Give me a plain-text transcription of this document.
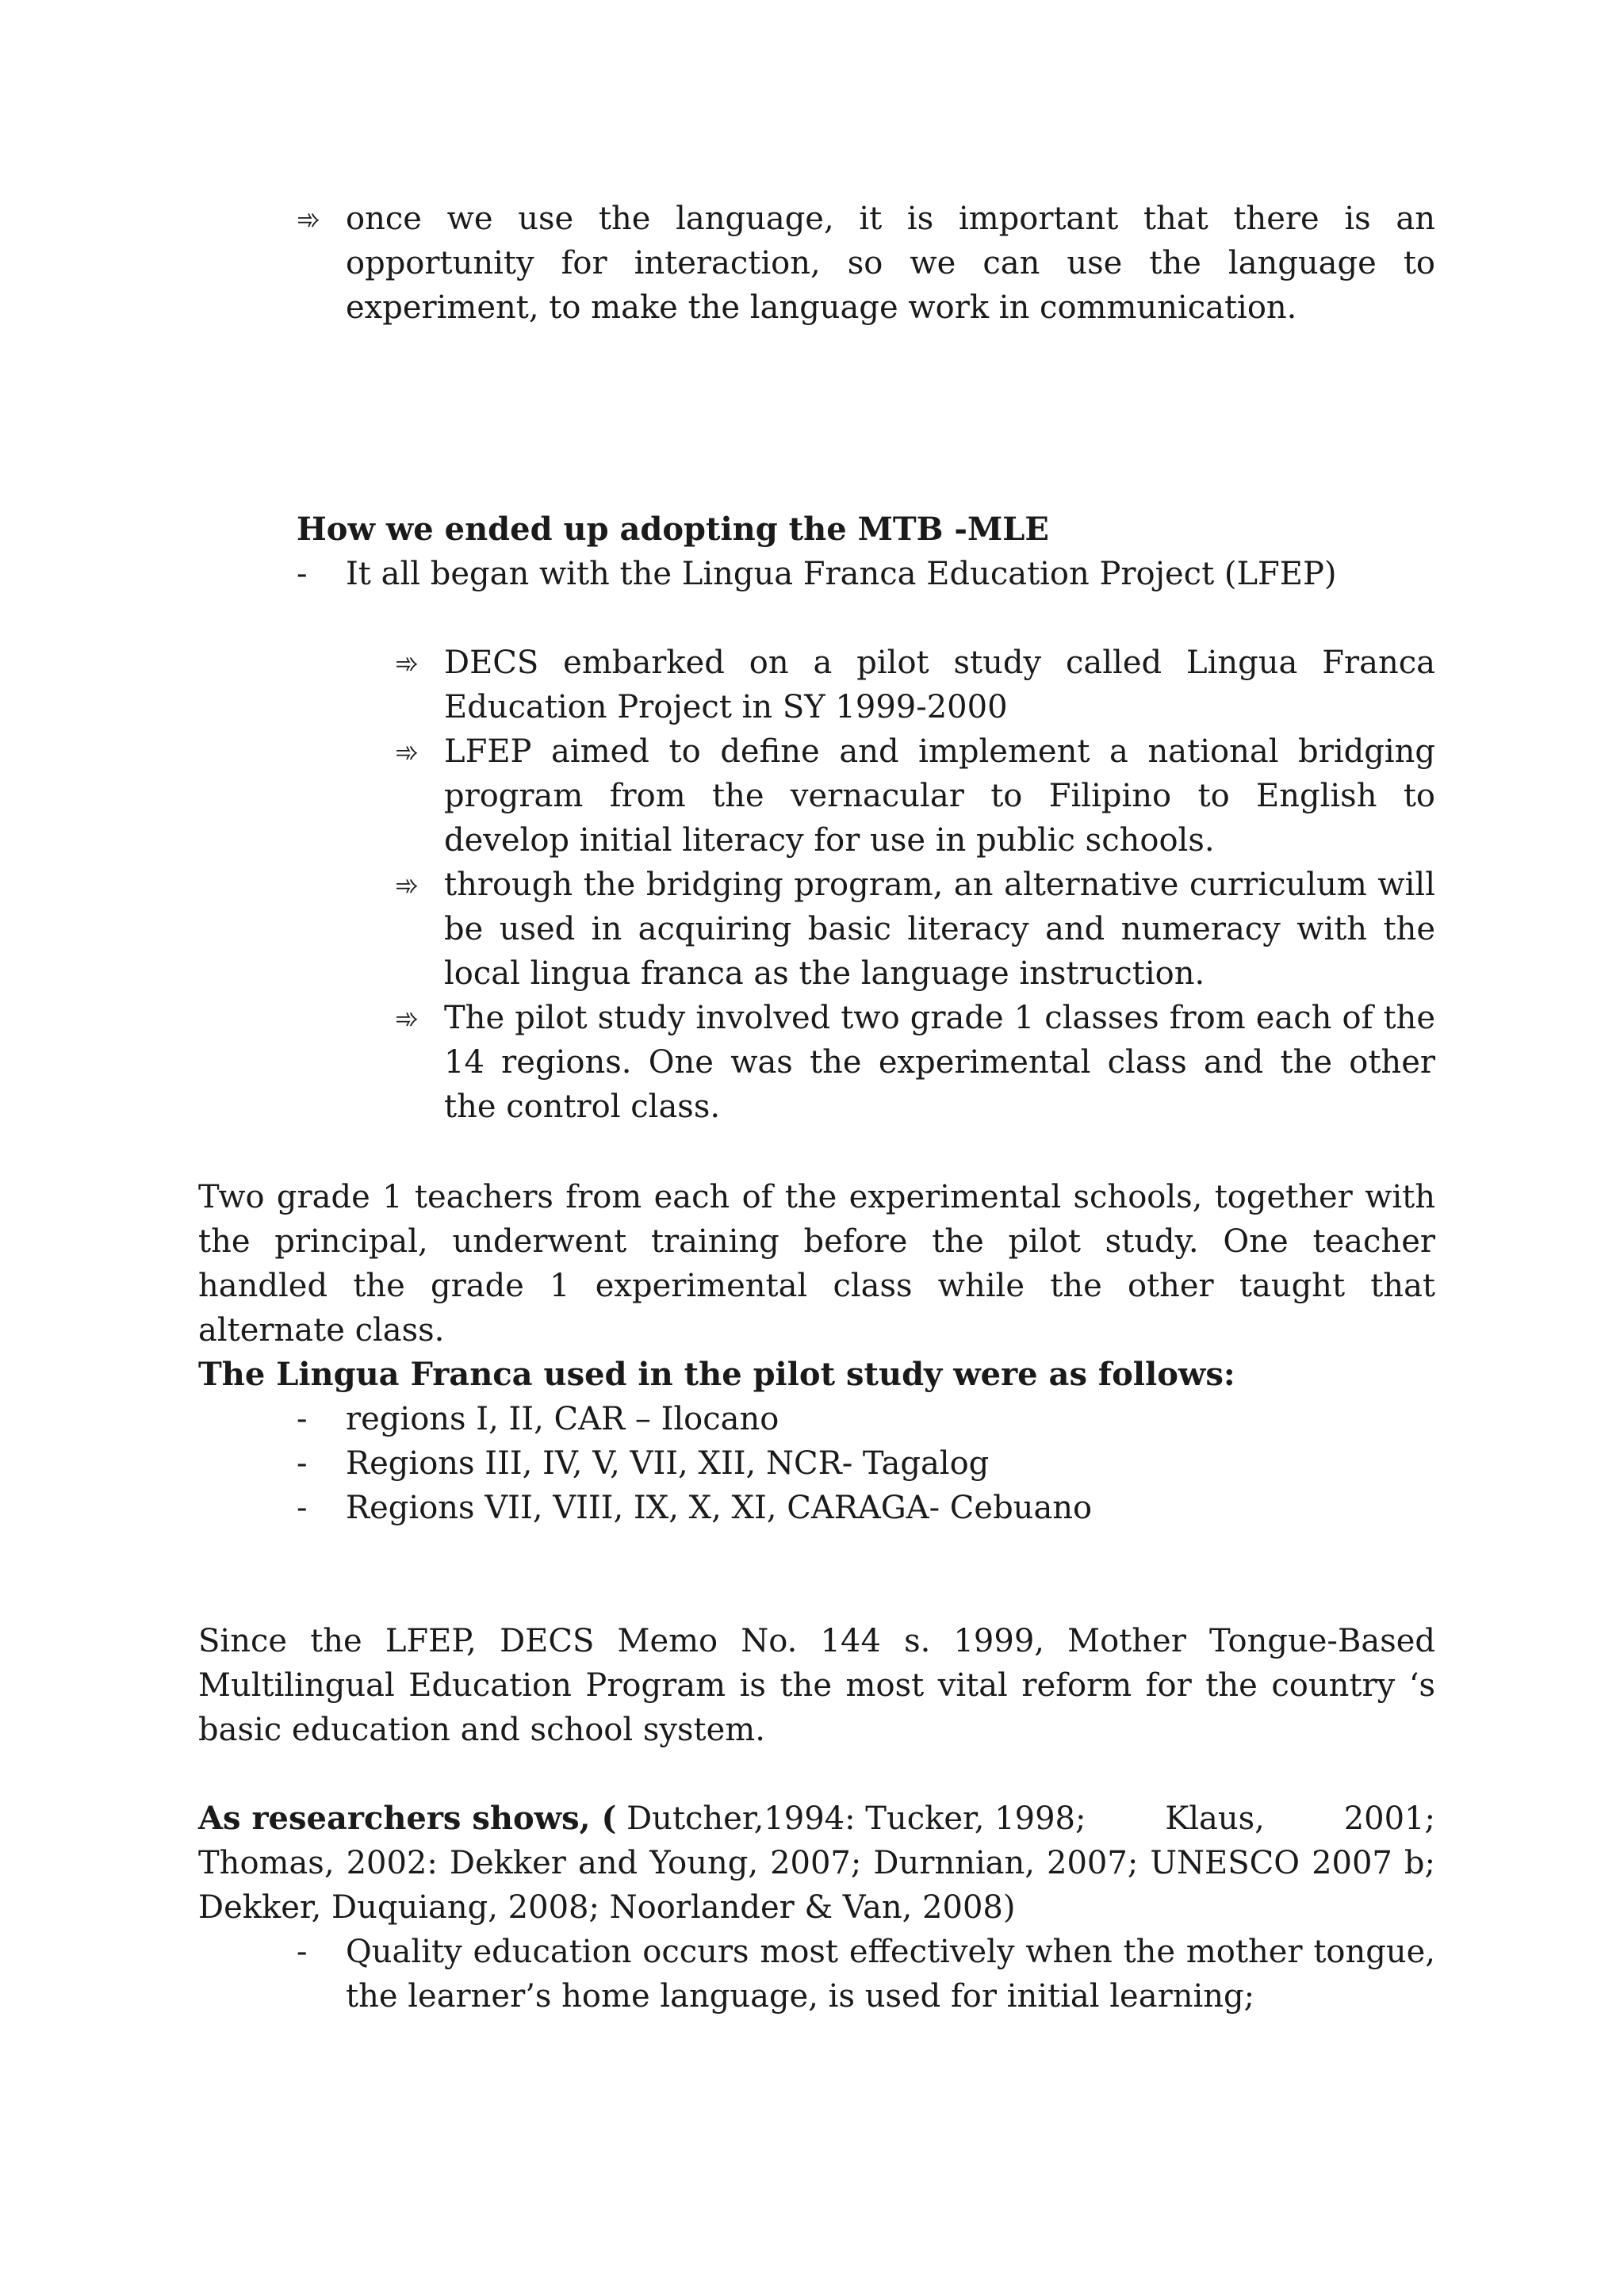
➾ once we use the language, it is important that there is an opportunity for interaction, so we can use the language to experiment, to make the language work in communication.
How we ended up adopting the MTB -MLE
-	It all began with the Lingua Franca Education Project (LFEP)
➾ DECS embarked on a pilot study called Lingua Franca Education Project in SY 1999-2000
➾ LFEP aimed to define and implement a national bridging program from the vernacular to Filipino to English to develop initial literacy for use in public schools.
➾ through the bridging program, an alternative curriculum will be used in acquiring basic literacy and numeracy with the local lingua franca as the language instruction.
➾ The pilot study involved two grade 1 classes from each of the 14 regions. One was the experimental class and the other the control class.
Two grade 1 teachers from each of the experimental schools, together with the principal, underwent training before the pilot study. One teacher handled the grade 1 experimental class while the other taught that alternate class.
The Lingua Franca used in the pilot study were as follows:
-	regions I, II, CAR – Ilocano
-	Regions III, IV, V, VII, XII, NCR- Tagalog
-	Regions VII, VIII, IX, X, XI, CARAGA- Cebuano
Since the LFEP, DECS Memo No. 144 s. 1999, Mother Tongue-Based Multilingual Education Program is the most vital reform for the country ‘s basic education and school system.
As researchers shows, ( Dutcher,1994: Tucker, 1998; Klaus, 2001;
Thomas, 2002: Dekker and Young, 2007; Durnnian, 2007; UNESCO 2007 b;
Dekker, Duquiang, 2008; Noorlander & Van, 2008)
-	Quality education occurs most effectively when the mother tongue, the learner’s home language, is used for initial learning;
